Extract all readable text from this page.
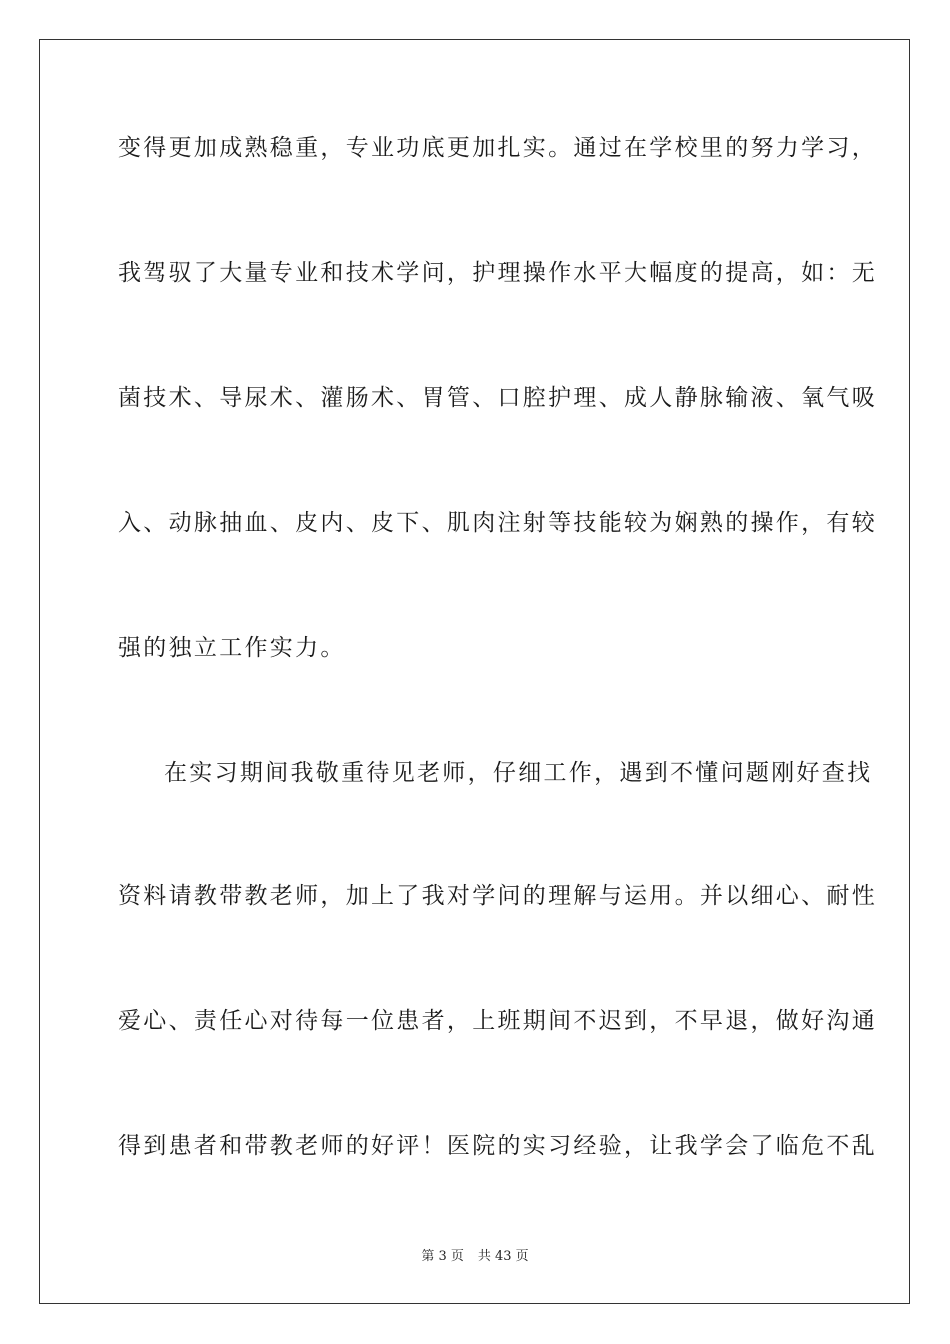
变得更加成熟稳重，专业功底更加扎实。通过在学校里的努力学习，
我驾驭了大量专业和技术学问，护理操作水平大幅度的提高，如：无
菌技术、导尿术、灌肠术、胃管、口腔护理、成人静脉输液、氧气吸
入、动脉抽血、皮内、皮下、肌肉注射等技能较为娴熟的操作，有较
强的独立工作实力。
在实习期间我敬重待见老师，仔细工作，遇到不懂问题刚好查找
资料请教带教老师，加上了我对学问的理解与运用。并以细心、耐性
爱心、责任心对待每一位患者，上班期间不迟到，不早退，做好沟通
得到患者和带教老师的好评！医院的实习经验，让我学会了临危不乱
第 3 页 共 43 页
